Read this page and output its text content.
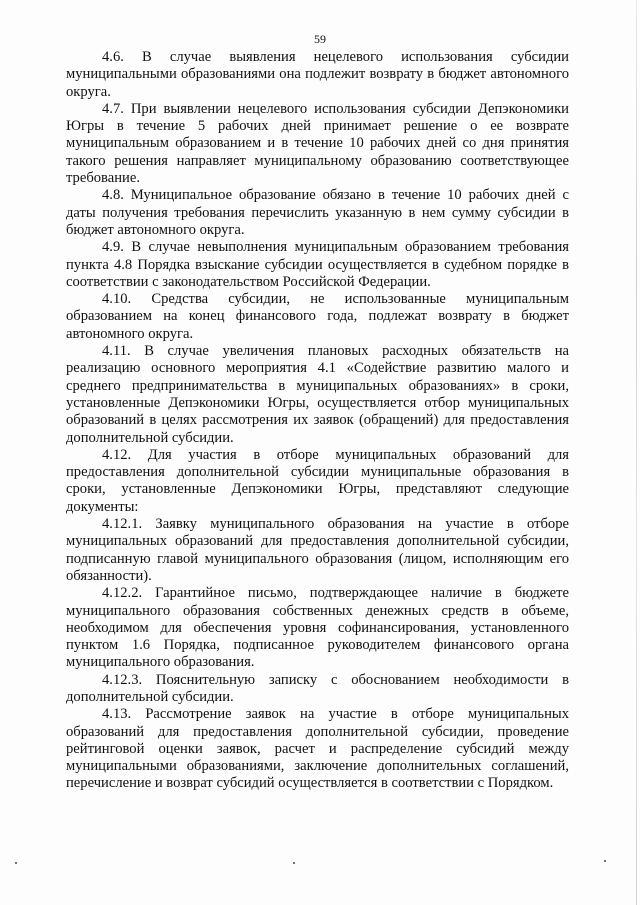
59

4.6. В случае выявления нецелевого использования субсидии муниципальными образованиями она подлежит возврату в бюджет автономного округа.

4.7. При выявлении нецелевого использования субсидии Депэкономики Югры в течение 5 рабочих дней принимает решение о ее возврате муниципальным образованием и в течение 10 рабочих дней со дня принятия такого решения направляет муниципальному образованию соответствующее требование.

4.8. Муниципальное образование обязано в течение 10 рабочих дней с даты получения требования перечислить указанную в нем сумму субсидии в бюджет автономного округа.

4.9. В случае невыполнения муниципальным образованием требования пункта 4.8 Порядка взыскание субсидии осуществляется в судебном порядке в соответствии с законодательством Российской Федерации.

4.10. Средства субсидии, не использованные муниципальным образованием на конец финансового года, подлежат возврату в бюджет автономного округа.

4.11. В случае увеличения плановых расходных обязательств на реализацию основного мероприятия 4.1 «Содействие развитию малого и среднего предпринимательства в муниципальных образованиях» в сроки, установленные Депэкономики Югры, осуществляется отбор муниципальных образований в целях рассмотрения их заявок (обращений) для предоставления дополнительной субсидии.

4.12. Для участия в отборе муниципальных образований для предоставления дополнительной субсидии муниципальные образования в сроки, установленные Депэкономики Югры, представляют следующие документы:

4.12.1. Заявку муниципального образования на участие в отборе муниципальных образований для предоставления дополнительной субсидии, подписанную главой муниципального образования (лицом, исполняющим его обязанности).

4.12.2. Гарантийное письмо, подтверждающее наличие в бюджете муниципального образования собственных денежных средств в объеме, необходимом для обеспечения уровня софинансирования, установленного пунктом 1.6 Порядка, подписанное руководителем финансового органа муниципального образования.

4.12.3. Пояснительную записку с обоснованием необходимости в дополнительной субсидии.

4.13. Рассмотрение заявок на участие в отборе муниципальных образований для предоставления дополнительной субсидии, проведение рейтинговой оценки заявок, расчет и распределение субсидий между муниципальными образованиями, заключение дополнительных соглашений, перечисление и возврат субсидий осуществляется в соответствии с Порядком.
